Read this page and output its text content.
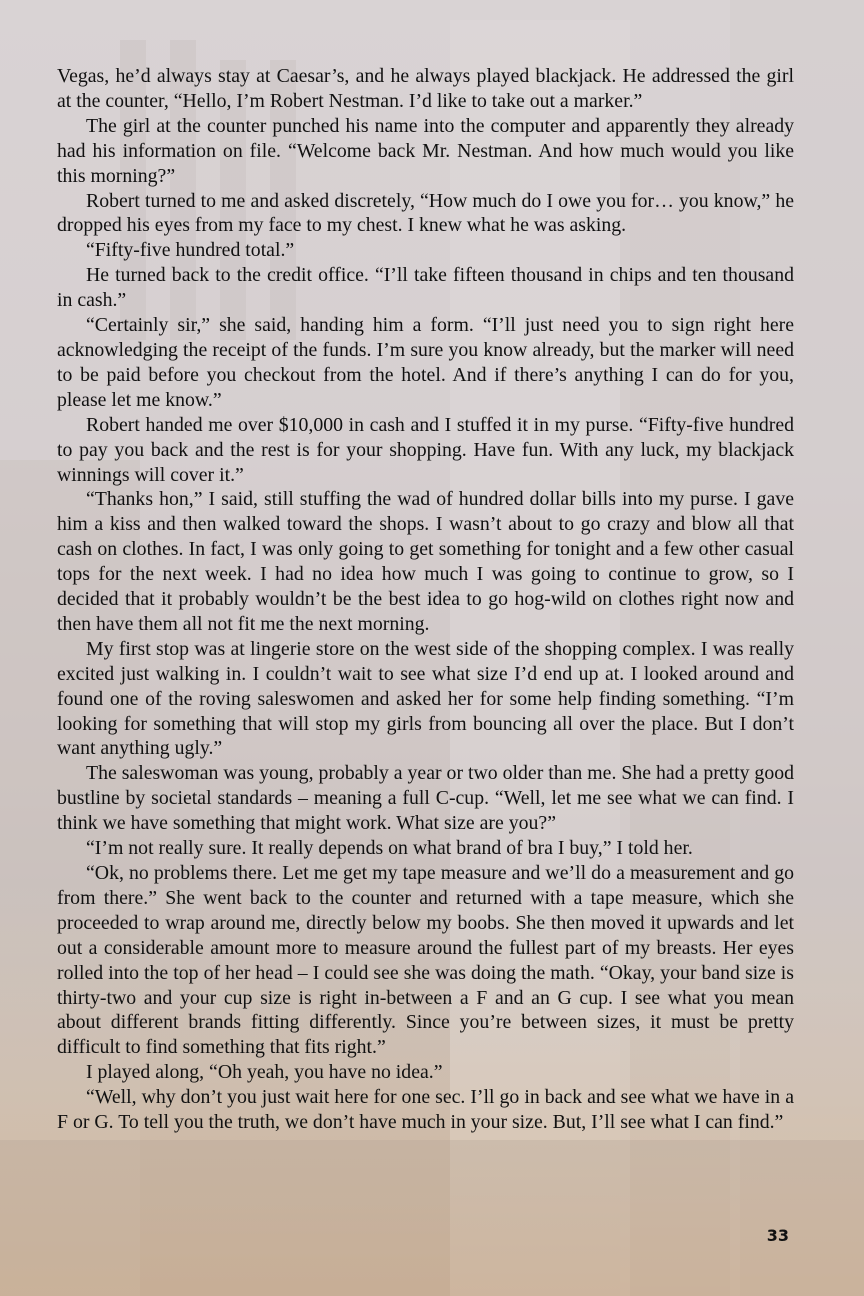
Vegas, he’d always stay at Caesar’s, and he always played blackjack. He addressed the girl at the counter, “Hello, I’m Robert Nestman. I’d like to take out a marker.”

The girl at the counter punched his name into the computer and apparently they already had his information on file. “Welcome back Mr. Nestman. And how much would you like this morning?”

Robert turned to me and asked discretely, “How much do I owe you for… you know,” he dropped his eyes from my face to my chest. I knew what he was asking.

“Fifty-five hundred total.”

He turned back to the credit office. “I’ll take fifteen thousand in chips and ten thousand in cash.”

“Certainly sir,” she said, handing him a form. “I’ll just need you to sign right here acknowledging the receipt of the funds. I’m sure you know already, but the marker will need to be paid before you checkout from the hotel. And if there’s anything I can do for you, please let me know.”

Robert handed me over $10,000 in cash and I stuffed it in my purse. “Fifty-five hundred to pay you back and the rest is for your shopping. Have fun. With any luck, my blackjack winnings will cover it.”

“Thanks hon,” I said, still stuffing the wad of hundred dollar bills into my purse. I gave him a kiss and then walked toward the shops. I wasn’t about to go crazy and blow all that cash on clothes. In fact, I was only going to get something for tonight and a few other casual tops for the next week. I had no idea how much I was going to continue to grow, so I decided that it probably wouldn’t be the best idea to go hog-wild on clothes right now and then have them all not fit me the next morning.

My first stop was at lingerie store on the west side of the shopping complex. I was really excited just walking in. I couldn’t wait to see what size I’d end up at. I looked around and found one of the roving saleswomen and asked her for some help finding something. “I’m looking for something that will stop my girls from bouncing all over the place. But I don’t want anything ugly.”

The saleswoman was young, probably a year or two older than me. She had a pretty good bustline by societal standards – meaning a full C-cup. “Well, let me see what we can find. I think we have something that might work. What size are you?”

“I’m not really sure. It really depends on what brand of bra I buy,” I told her.

“Ok, no problems there. Let me get my tape measure and we’ll do a measurement and go from there.” She went back to the counter and returned with a tape measure, which she proceeded to wrap around me, directly below my boobs. She then moved it upwards and let out a considerable amount more to measure around the fullest part of my breasts. Her eyes rolled into the top of her head – I could see she was doing the math. “Okay, your band size is thirty-two and your cup size is right in-between a F and an G cup. I see what you mean about different brands fitting differently. Since you’re between sizes, it must be pretty difficult to find something that fits right.”

I played along, “Oh yeah, you have no idea.”

“Well, why don’t you just wait here for one sec. I’ll go in back and see what we have in a F or G. To tell you the truth, we don’t have much in your size. But, I’ll see what I can find.”

33
